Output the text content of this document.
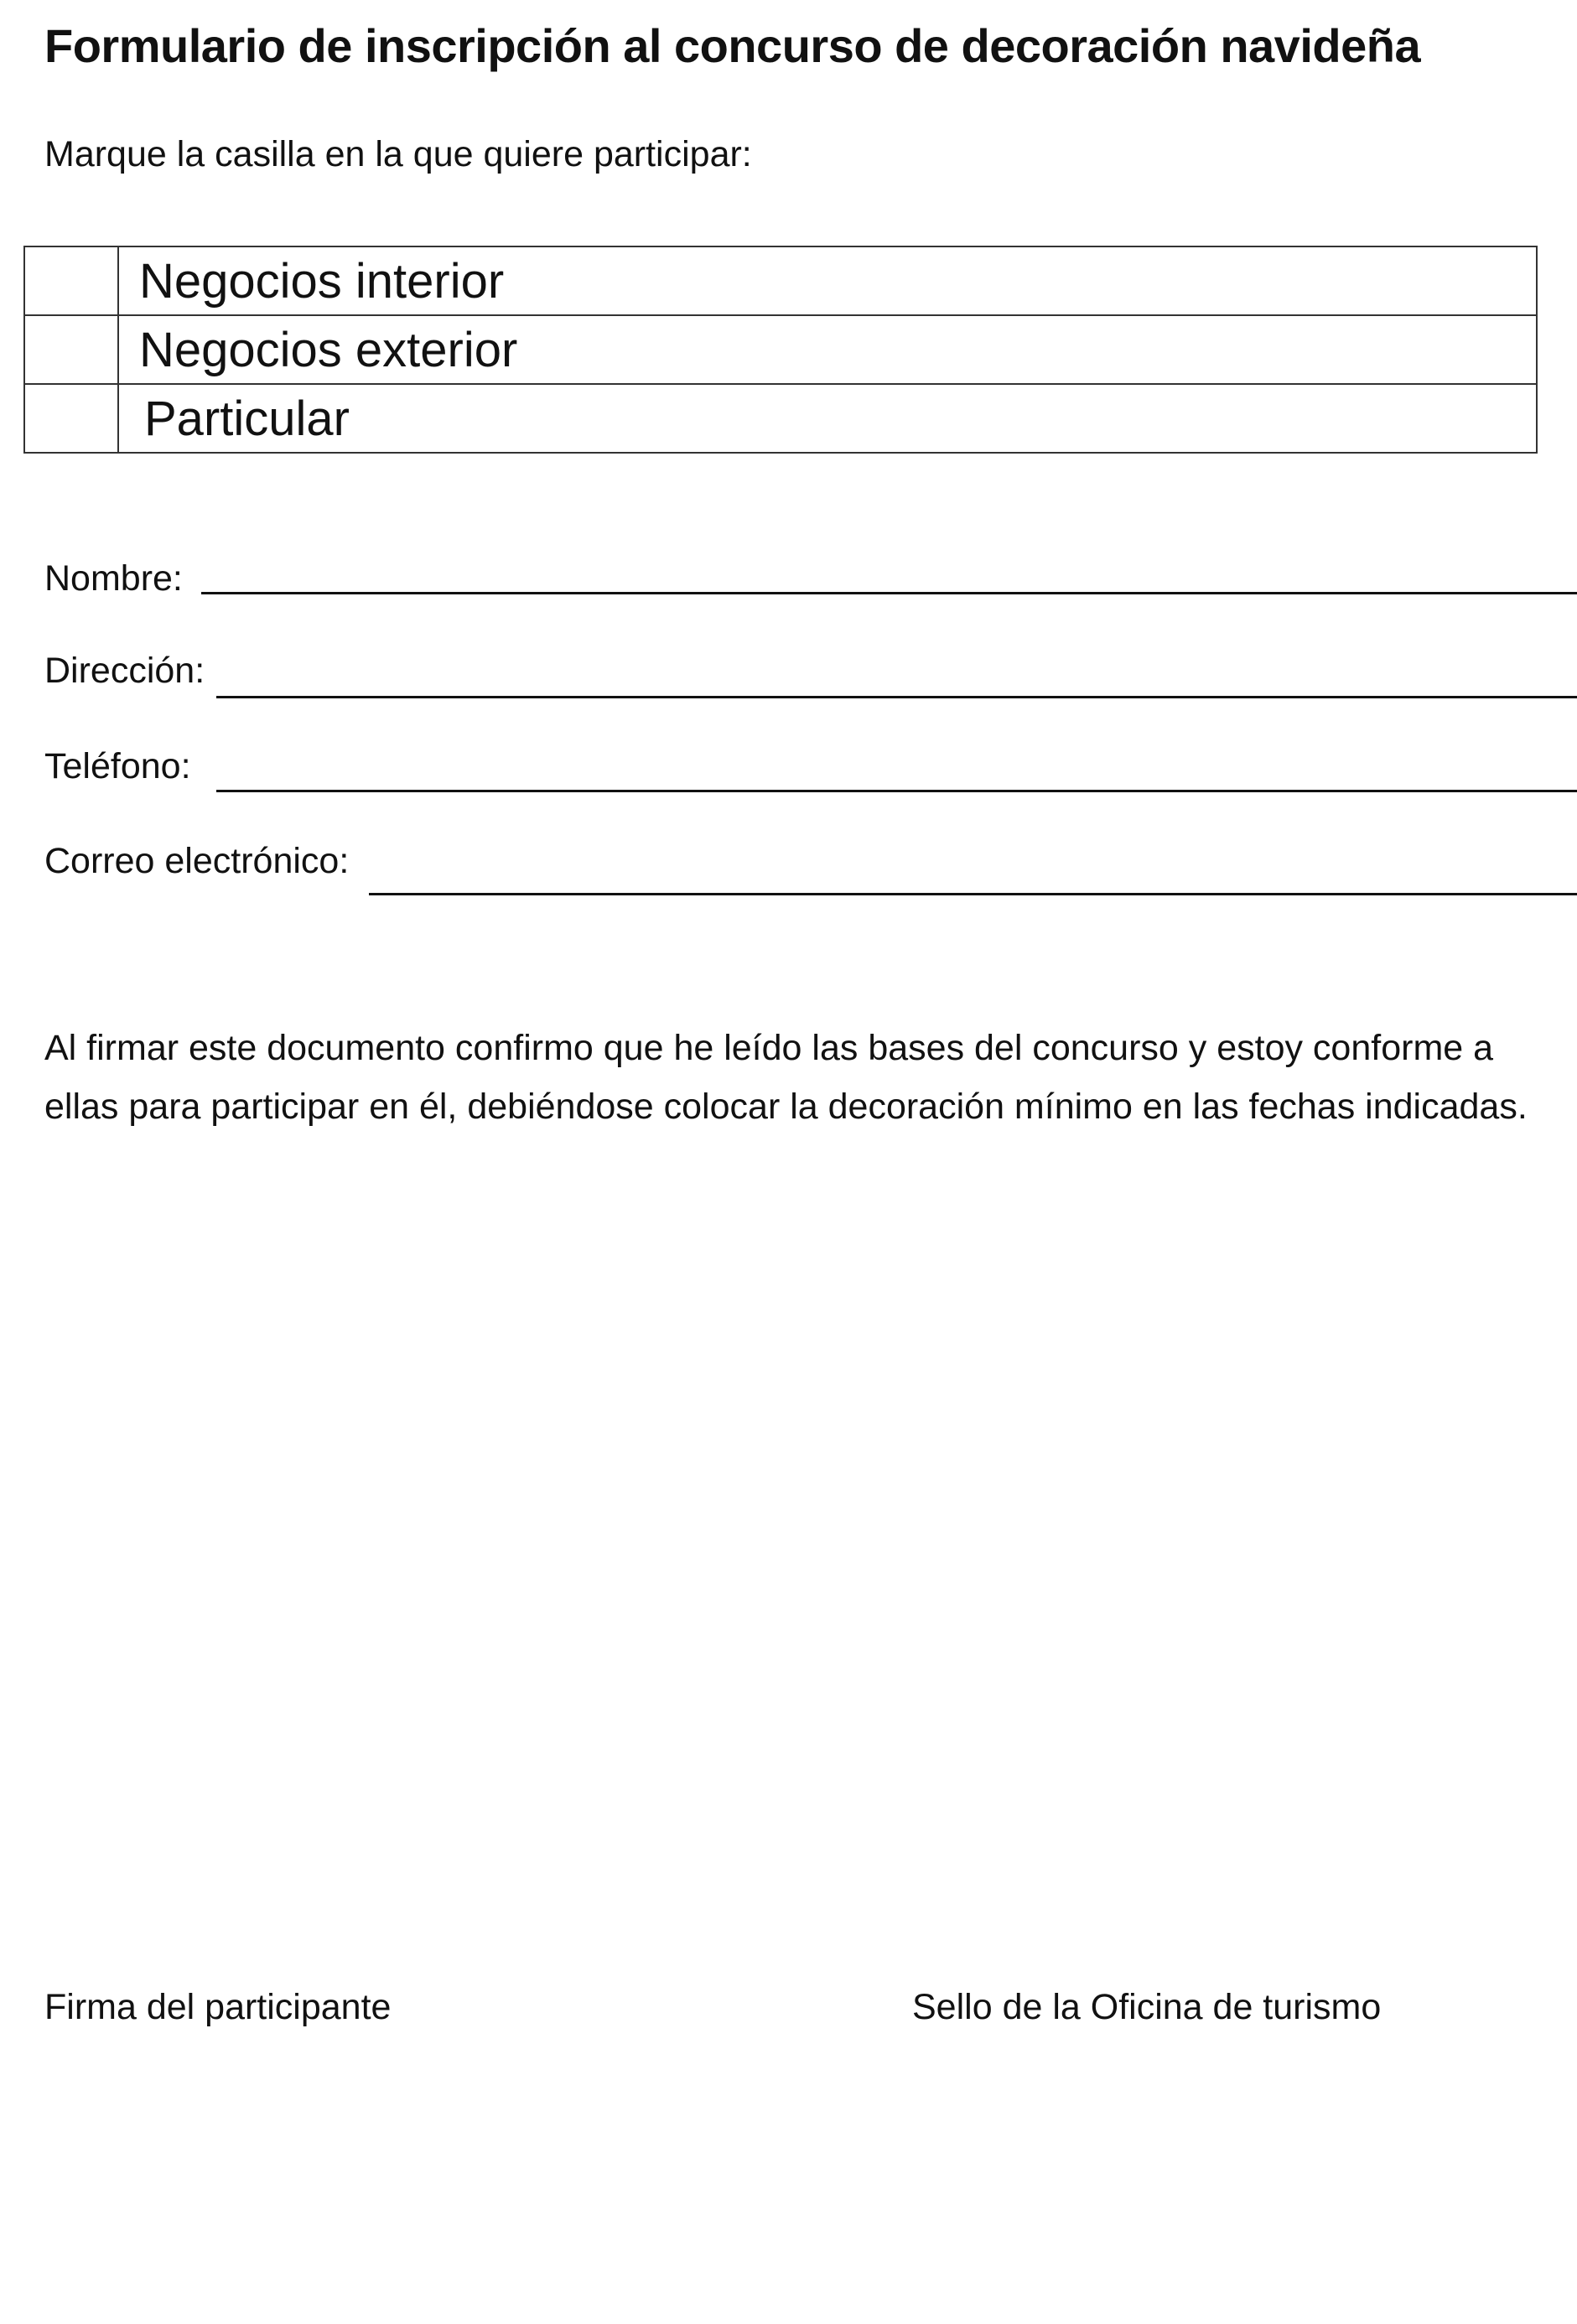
Formulario de inscripción al concurso de decoración navideña
Marque la casilla en la que quiere participar:
	Negocios interior
	Negocios exterior
	Particular
Nombre:
Dirección:
Teléfono:
Correo electrónico:
Al firmar este documento confirmo que he leído las bases del concurso y estoy conforme a ellas para participar en él, debiéndose colocar la decoración mínimo en las fechas indicadas.
Firma del participante	Sello de la Oficina de turismo
